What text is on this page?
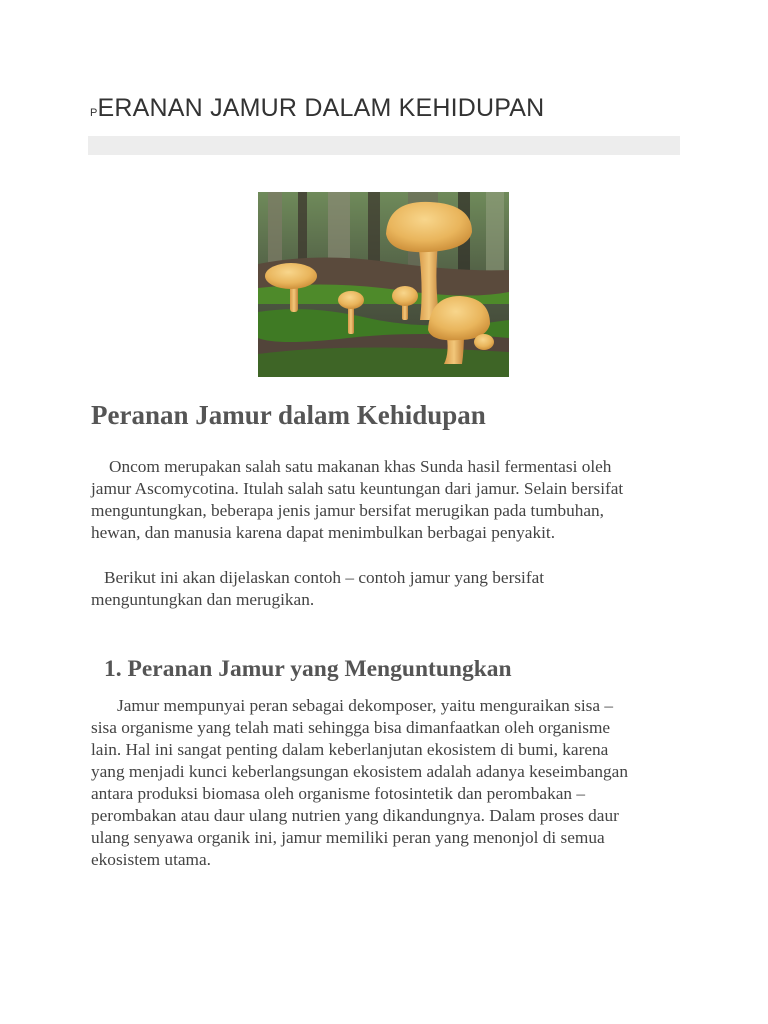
PERANAN JAMUR DALAM KEHIDUPAN
Peranan Jamur dalam Kehidupan

Oncom merupakan salah satu makanan khas Sunda hasil fermentasi oleh
jamur Ascomycotina. Itulah salah satu keuntungan dari jamur. Selain bersifat
menguntungkan, beberapa jenis jamur bersifat merugikan pada tumbuhan,
hewan, dan manusia karena dapat menimbulkan berbagai penyakit.

Berikut ini akan dijelaskan contoh – contoh jamur yang bersifat
menguntungkan dan merugikan.

1. Peranan Jamur yang Menguntungkan

Jamur mempunyai peran sebagai dekomposer, yaitu menguraikan sisa –
sisa organisme yang telah mati sehingga bisa dimanfaatkan oleh organisme
lain. Hal ini sangat penting dalam keberlanjutan ekosistem di bumi, karena
yang menjadi kunci keberlangsungan ekosistem adalah adanya keseimbangan
antara produksi biomasa oleh organisme fotosintetik dan perombakan –
perombakan atau daur ulang nutrien yang dikandungnya. Dalam proses daur
ulang senyawa organik ini, jamur memiliki peran yang menonjol di semua
ekosistem utama.
